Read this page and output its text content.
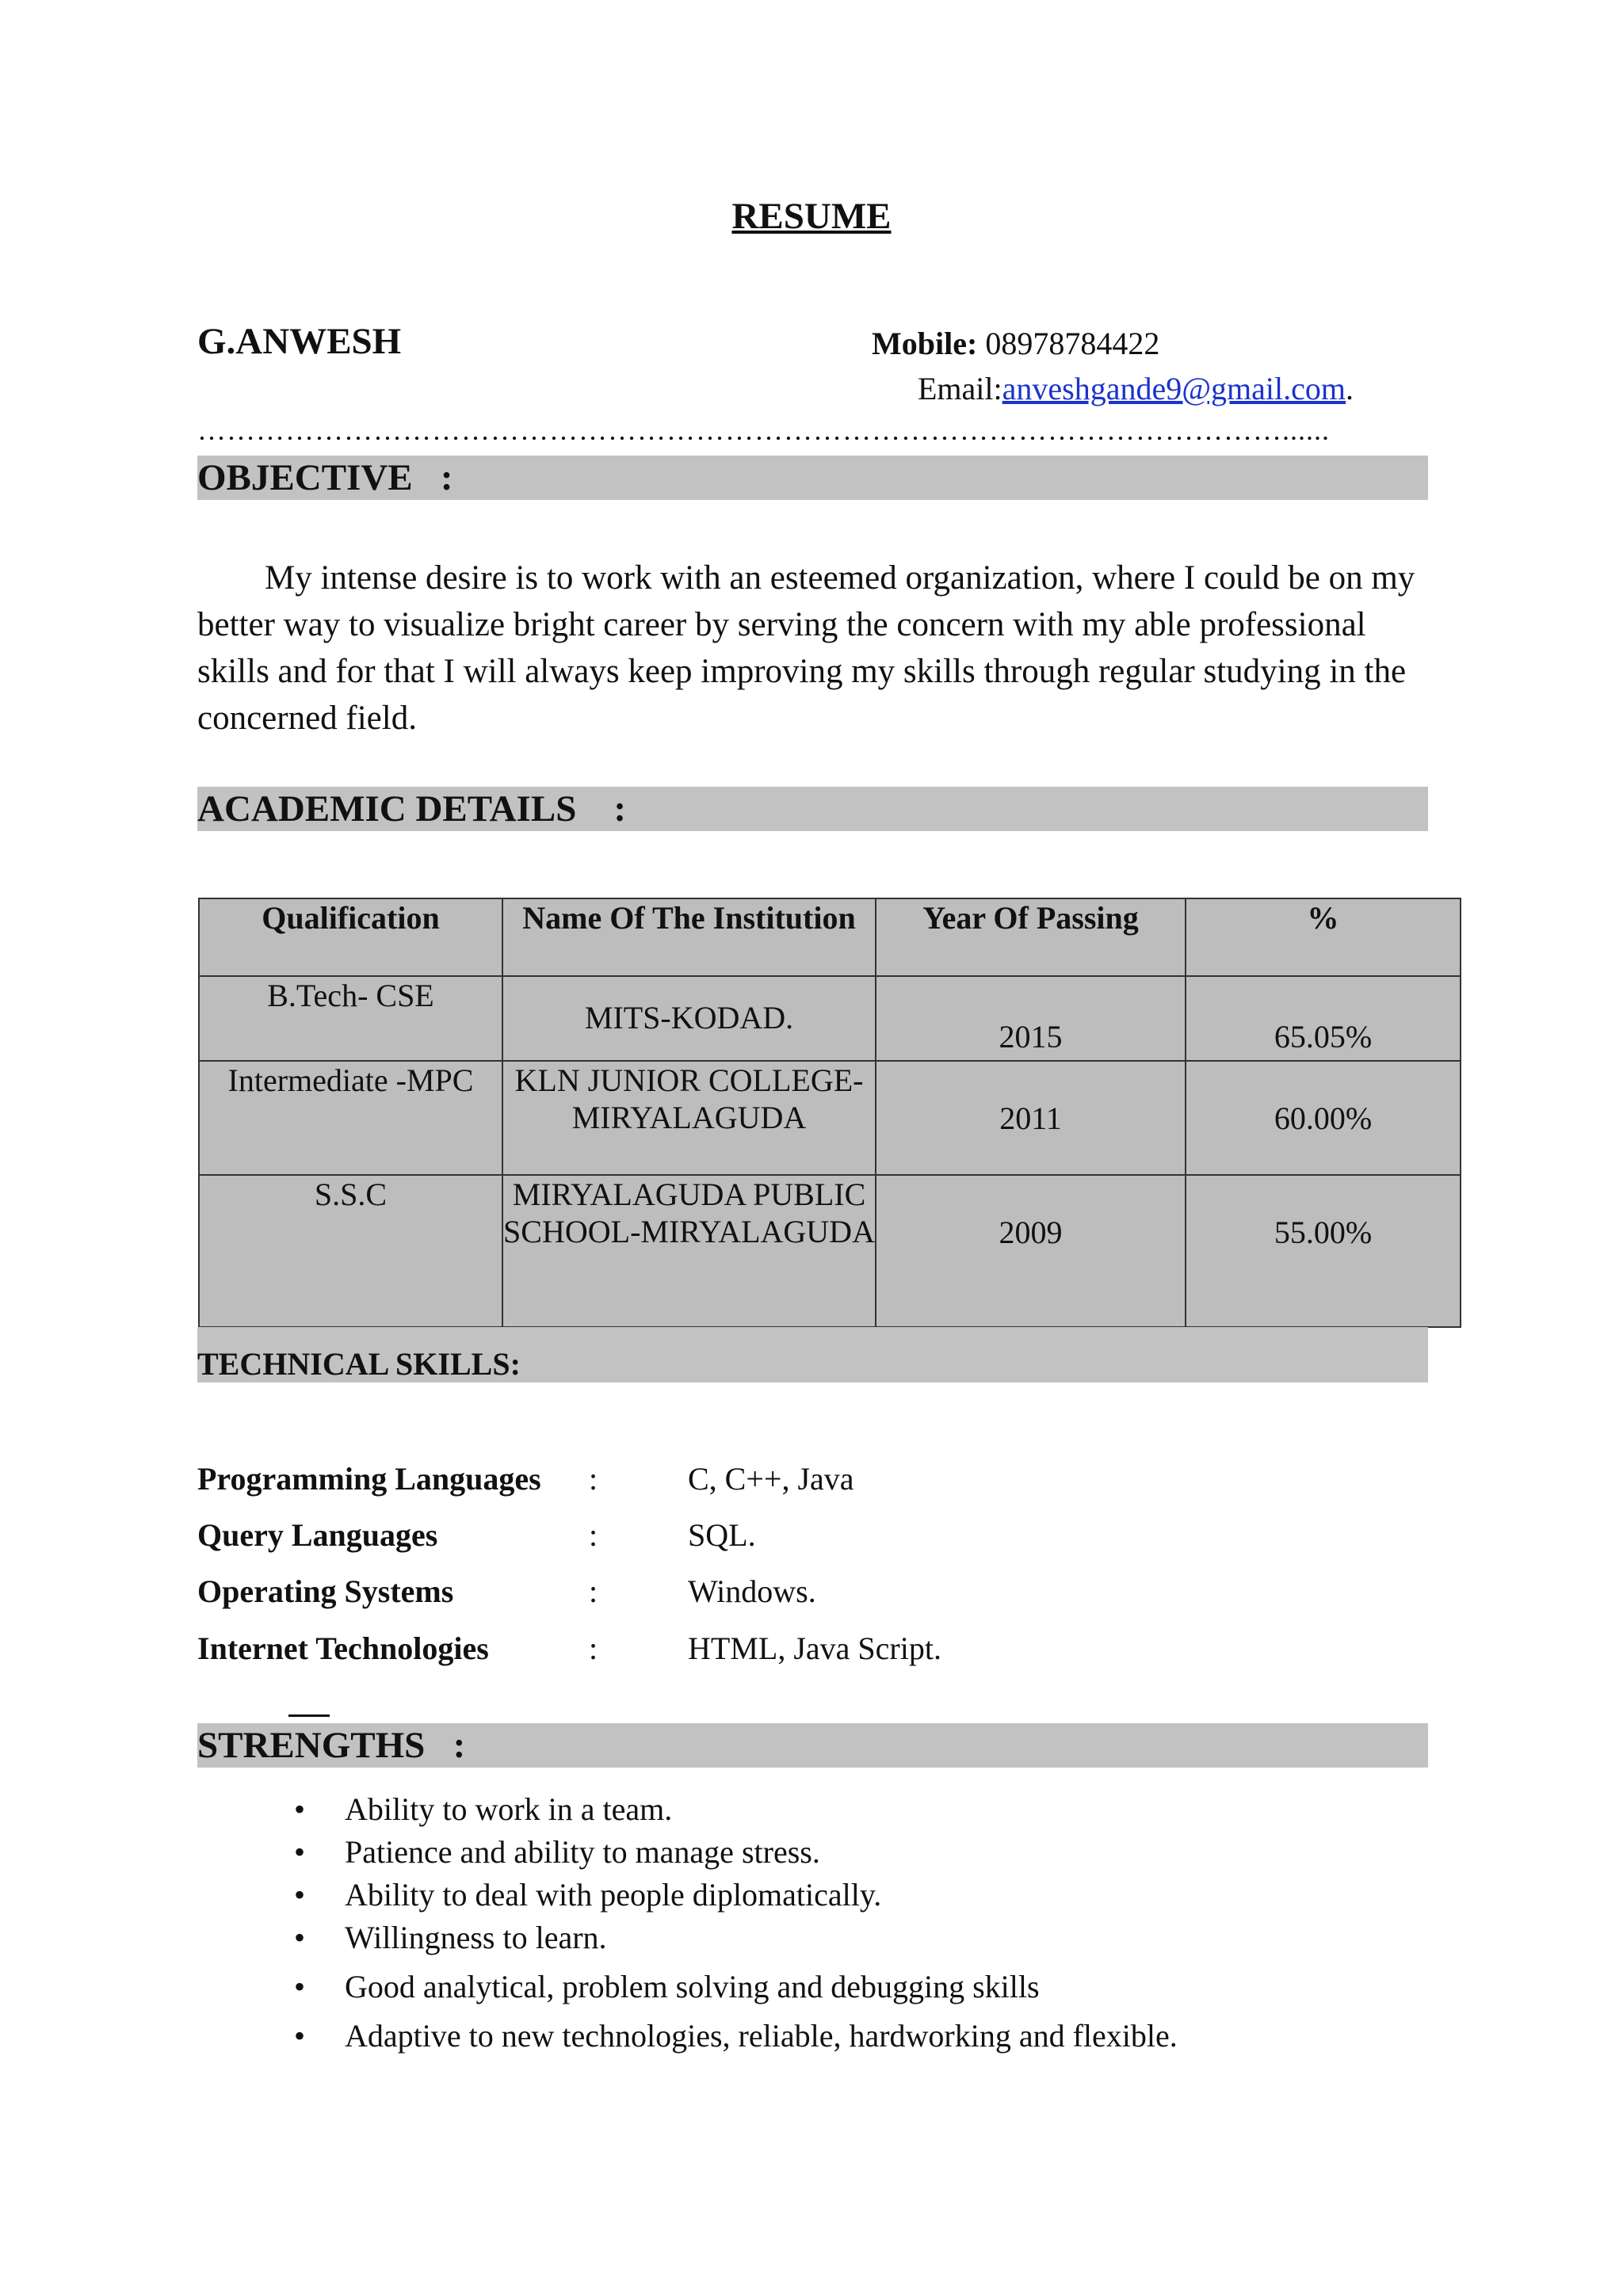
RESUME
G.ANWESH	Mobile: 08978784422
Email:anveshgande9@gmail.com.
…………………………………………………………………………………………………......
OBJECTIVE   :
My intense desire is to work with an esteemed organization, where I could be on my better way to visualize bright career by serving the concern with my able professional skills and for that I will always keep improving my skills through regular studying in the concerned field.
ACADEMIC DETAILS    :
Qualification	Name Of The Institution	Year Of Passing	%
B.Tech- CSE	MITS-KODAD.	2015	65.05%
Intermediate -MPC	KLN JUNIOR COLLEGE-MIRYALAGUDA	2011	60.00%
S.S.C	MIRYALAGUDA PUBLIC SCHOOL-MIRYALAGUDA	2009	55.00%
TECHNICAL SKILLS:
Programming Languages :	C, C++, Java
Query Languages	:	SQL.
Operating Systems	:	Windows.
Internet Technologies	:	HTML, Java Script.
STRENGTHS   :
• Ability to work in a team.
• Patience and ability to manage stress.
• Ability to deal with people diplomatically.
• Willingness to learn.
• Good analytical, problem solving and debugging skills
• Adaptive to new technologies, reliable, hardworking and flexible.
